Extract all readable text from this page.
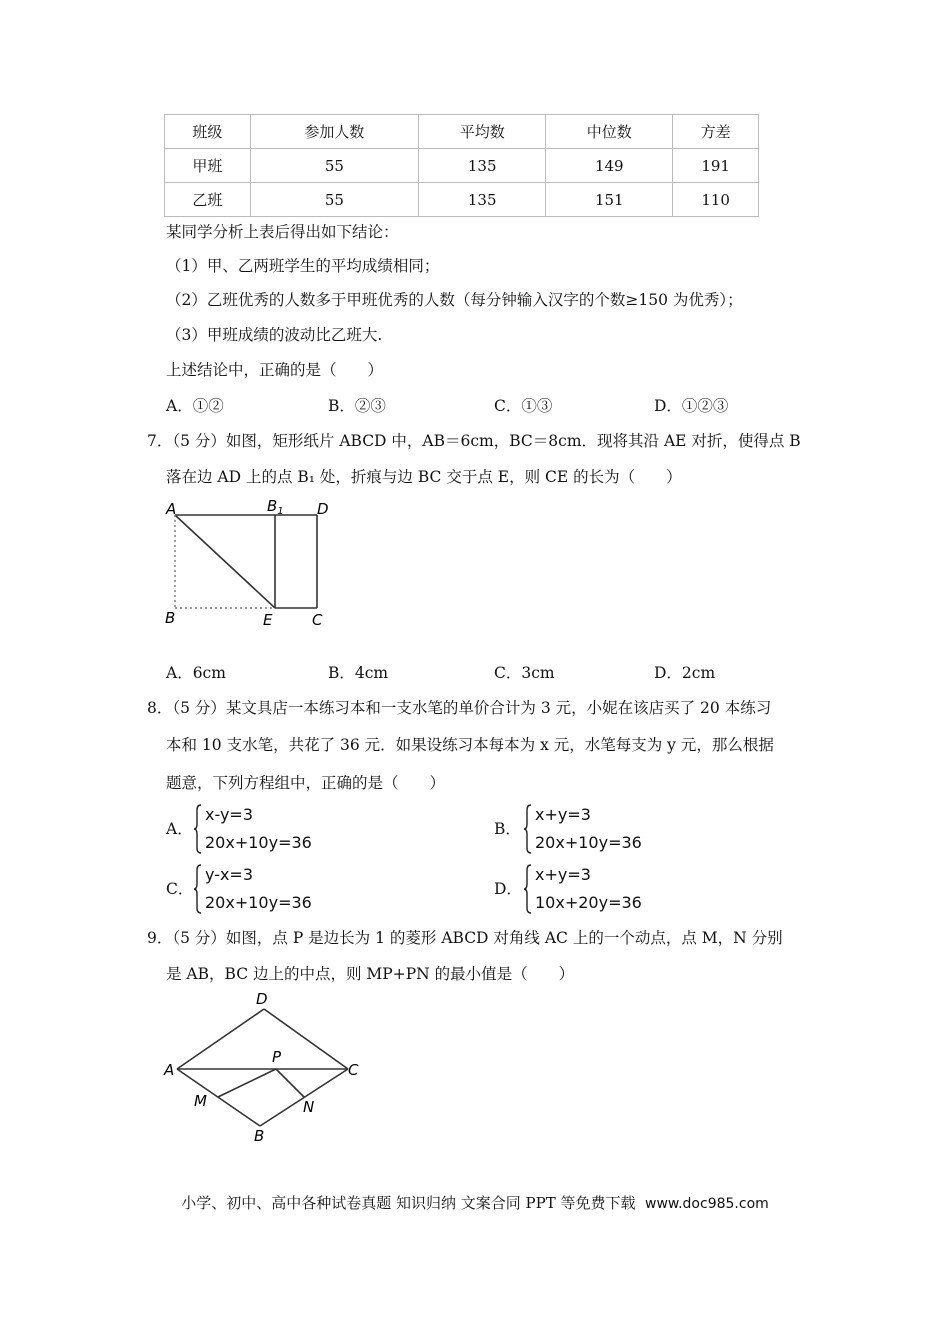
班级	参加人数	平均数	中位数	方差
甲班	55	135	149	191
乙班	55	135	151	110
某同学分析上表后得出如下结论：
（1）甲、乙两班学生的平均成绩相同；
（2）乙班优秀的人数多于甲班优秀的人数（每分钟输入汉字的个数≥150 为优秀）；
（3）甲班成绩的波动比乙班大.
上述结论中，正确的是（　　）
A．①②	B．②③	C．①③	D．①②③
7．（5 分）如图，矩形纸片 ABCD 中，AB＝6cm，BC＝8cm．现将其沿 AE 对折，使得点 B
落在边 AD 上的点 B₁ 处，折痕与边 BC 交于点 E，则 CE 的长为（　　）
A	$B_1$ D
B	E	C
A．6cm	B．4cm	C．3cm	D．2cm
8．（5 分）某文具店一本练习本和一支水笔的单价合计为 3 元，小妮在该店买了 20 本练习
本和 10 支水笔，共花了 36 元．如果设练习本每本为 x 元，水笔每支为 y 元，那么根据
题意，下列方程组中，正确的是（　　）
A．
x-y=3
20x+10y=36
B．
x+y=3
20x+10y=36
C．
y-x=3
20x+10y=36
D．
x+y=3
10x+20y=36
9．（5 分）如图，点 P 是边长为 1 的菱形 ABCD 对角线 AC 上的一个动点，点 M，N 分别
是 AB，BC 边上的中点，则 MP+PN 的最小值是（　　）
D
P
A	C
M	N
B
小学、初中、高中各种试卷真题 知识归纳 文案合同 PPT 等免费下载 www.doc985.com
